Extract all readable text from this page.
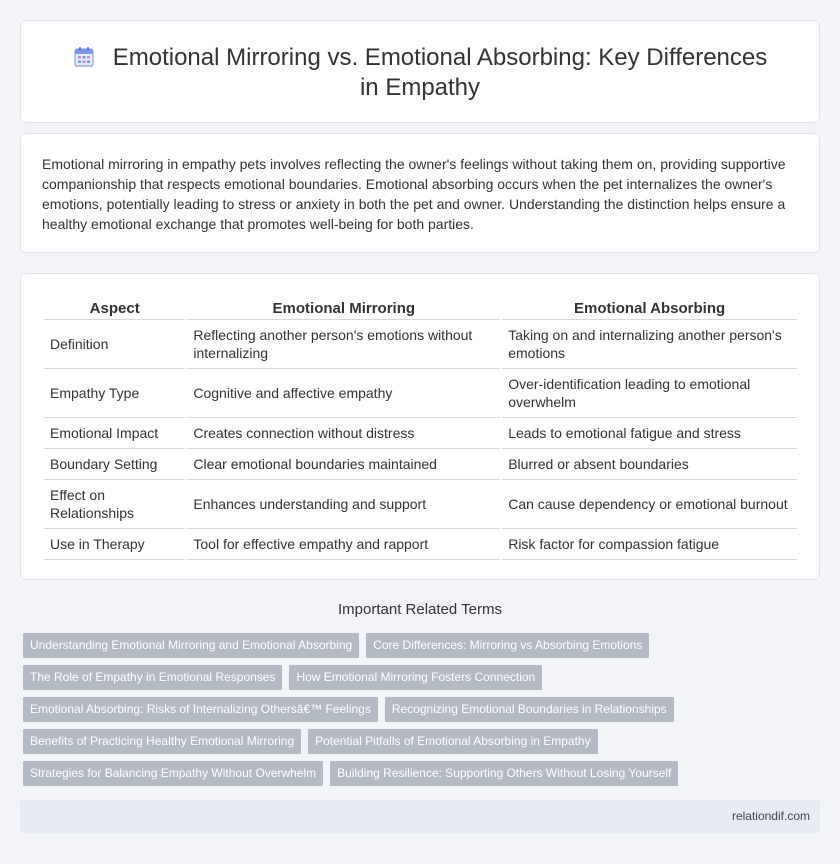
Emotional Mirroring vs. Emotional Absorbing: Key Differences in Empathy

Emotional mirroring in empathy pets involves reflecting the owner's feelings without taking them on, providing supportive companionship that respects emotional boundaries. Emotional absorbing occurs when the pet internalizes the owner's emotions, potentially leading to stress or anxiety in both the pet and owner. Understanding the distinction helps ensure a healthy emotional exchange that promotes well-being for both parties.

Aspect	Emotional Mirroring	Emotional Absorbing
Definition	Reflecting another person's emotions without internalizing	Taking on and internalizing another person's emotions
Empathy Type	Cognitive and affective empathy	Over-identification leading to emotional overwhelm
Emotional Impact	Creates connection without distress	Leads to emotional fatigue and stress
Boundary Setting	Clear emotional boundaries maintained	Blurred or absent boundaries
Effect on Relationships	Enhances understanding and support	Can cause dependency or emotional burnout
Use in Therapy	Tool for effective empathy and rapport	Risk factor for compassion fatigue
Important Related Terms
Understanding Emotional Mirroring and Emotional Absorbing	Core Differences: Mirroring vs Absorbing Emotions
The Role of Empathy in Emotional Responses	How Emotional Mirroring Fosters Connection
Emotional Absorbing: Risks of Internalizing Othersâ€™ Feelings	Recognizing Emotional Boundaries in Relationships
Benefits of Practicing Healthy Emotional Mirroring	Potential Pitfalls of Emotional Absorbing in Empathy
Strategies for Balancing Empathy Without Overwhelm	Building Resilience: Supporting Others Without Losing Yourself
relationdif.com
